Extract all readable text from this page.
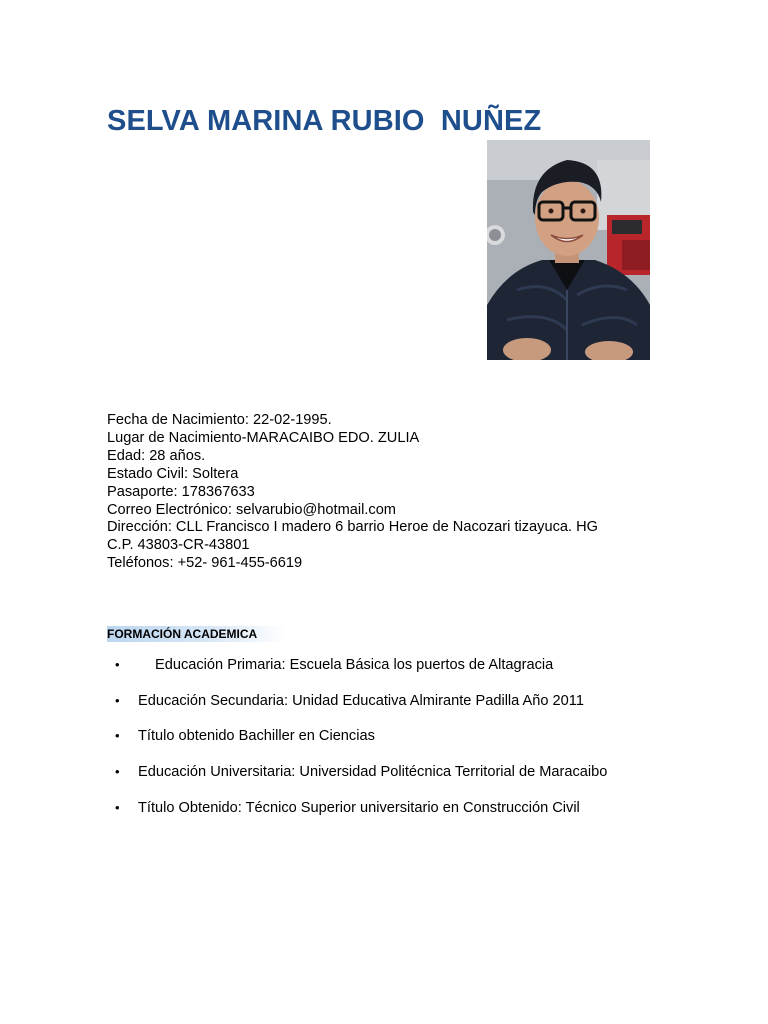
SELVA MARINA RUBIO  NUÑEZ
Fecha de Nacimiento: 22-02-1995.
Lugar de Nacimiento-MARACAIBO EDO. ZULIA
Edad: 28 años.
Estado Civil: Soltera
Pasaporte: 178367633
Correo Electrónico: selvarubio@hotmail.com
Dirección: CLL Francisco I madero 6 barrio Heroe de Nacozari tizayuca. HG
C.P. 43803-CR-43801
Teléfonos: +52- 961-455-6619
FORMACIÓN ACADEMICA
• Educación Primaria: Escuela Básica los puertos de Altagracia
• Educación Secundaria: Unidad Educativa Almirante Padilla Año 2011
• Título obtenido Bachiller en Ciencias
• Educación Universitaria: Universidad Politécnica Territorial de Maracaibo
• Título Obtenido: Técnico Superior universitario en Construcción Civil
